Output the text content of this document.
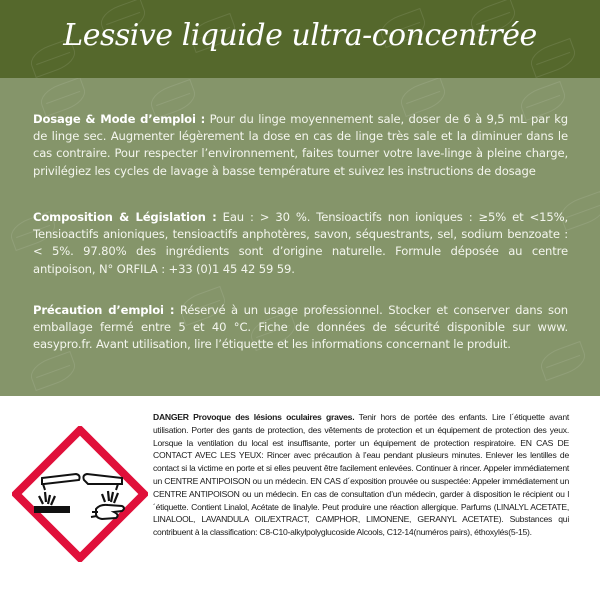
Lessive liquide ultra-concentrée

Dosage & Mode d’emploi : Pour du linge moyennement sale, doser de 6 à 9,5 mL par kg de linge sec. Augmenter légèrement la dose en cas de linge très sale et la diminuer dans le cas contraire. Pour respecter l’environnement, faites tourner votre lave-linge à pleine charge, privilégiez les cycles de lavage à basse température et suivez les instructions de dosage

Composition & Législation : Eau : > 30 %. Tensioactifs non ioniques : ≥5% et <15%, Tensioactifs anioniques, tensioactifs anphotères, savon, séquestrants, sel, sodium benzoate : < 5%. 97.80% des ingrédients sont d’origine naturelle. Formule déposée au centre antipoison, N° ORFILA : +33 (0)1 45 42 59 59.

Précaution d’emploi : Réservé à un usage professionnel. Stocker et conserver dans son emballage fermé entre 5 et 40 °C. Fiche de données de sécurité disponible sur www. easypro.fr. Avant utilisation, lire l’étiquette et les informations concernant le produit.

DANGER Provoque des lésions oculaires graves. Tenir hors de portée des enfants. Lire l´étiquette avant utilisation. Porter des gants de protection, des vêtements de protection et un équipement de protection des yeux. Lorsque la ventilation du local est insuffisante, porter un équipement de protection respiratoire. EN CAS DE CONTACT AVEC LES YEUX: Rincer avec précaution à l’eau pendant plusieurs minutes. Enlever les lentilles de contact si la victime en porte et si elles peuvent être facilement enlevées. Continuer à rincer. Appeler immédiatement un CENTRE ANTIPOISON ou un médecin. EN CAS d´exposition prouvée ou suspectée: Appeler immédiatement un CENTRE ANTIPOISON ou un médecin. En cas de consultation d’un médecin, garder à disposition le récipient ou l´étiquette. Contient Linalol, Acétate de linalyle. Peut produire une réaction allergique. Parfums (LINALYL ACETATE, LINALOOL, LAVANDULA OIL/EXTRACT, CAMPHOR, LIMONENE, GERANYL ACETATE). Substances qui contribuent à la classification: C8-C10-alkylpolyglucoside Alcools, C12-14(numéros pairs), éthoxylés(5-15).
